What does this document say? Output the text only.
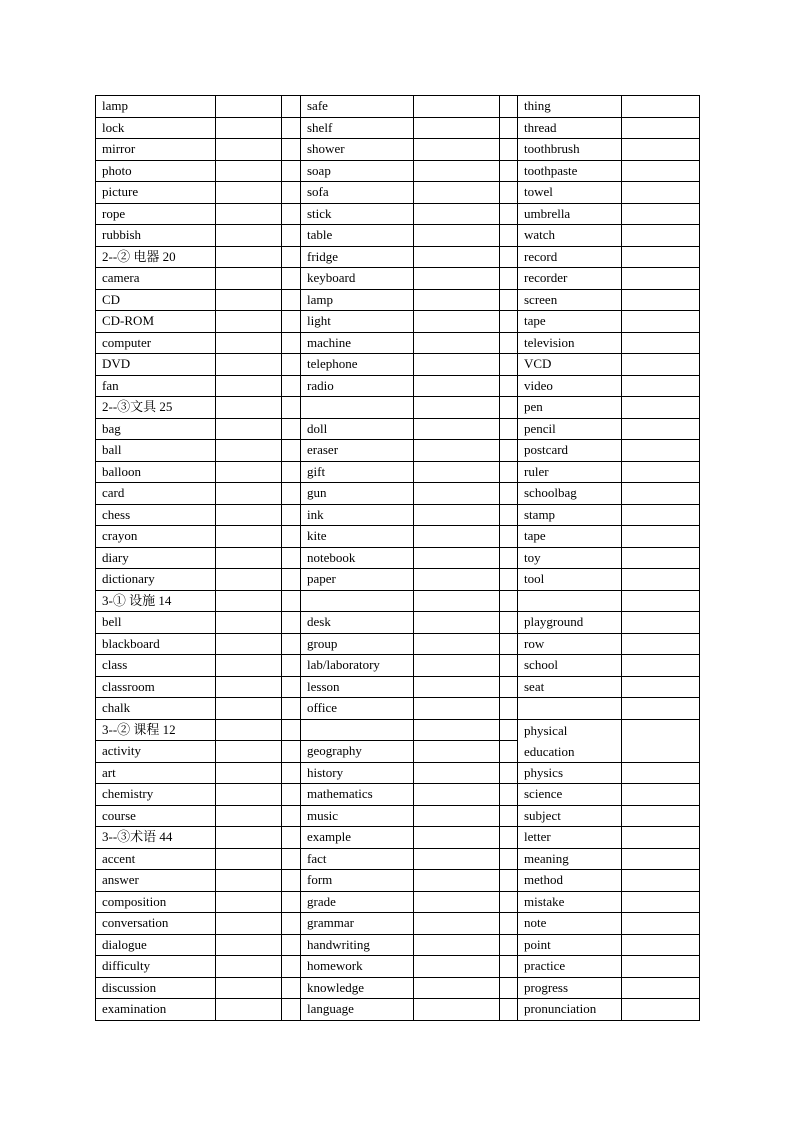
lamp			safe			thing	
lock			shelf			thread	
mirror			shower			toothbrush	
photo			soap			toothpaste	
picture			sofa			towel	
rope			stick			umbrella	
rubbish			table			watch	
2--② 电器 20			fridge			record	
camera			keyboard			recorder	
CD			lamp			screen	
CD-ROM			light			tape	
computer			machine			television	
DVD			telephone			VCD	
fan			radio			video	
2--③文具 25						pen	
bag			doll			pencil	
ball			eraser			postcard	
balloon			gift			ruler	
card			gun			schoolbag	
chess			ink			stamp	
crayon			kite			tape	
diary			notebook			toy	
dictionary			paper			tool	
3-① 设施 14							
bell			desk			playground	
blackboard			group			row	
class			lab/laboratory			school	
classroom			lesson			seat	
chalk			office				
3--② 课程 12						physical education	
activity			geography				
art			history			physics	
chemistry			mathematics			science	
course			music			subject	
3--③术语 44			example			letter	
accent			fact			meaning	
answer			form			method	
composition			grade			mistake	
conversation			grammar			note	
dialogue			handwriting			point	
difficulty			homework			practice	
discussion			knowledge			progress	
examination			language			pronunciation	
